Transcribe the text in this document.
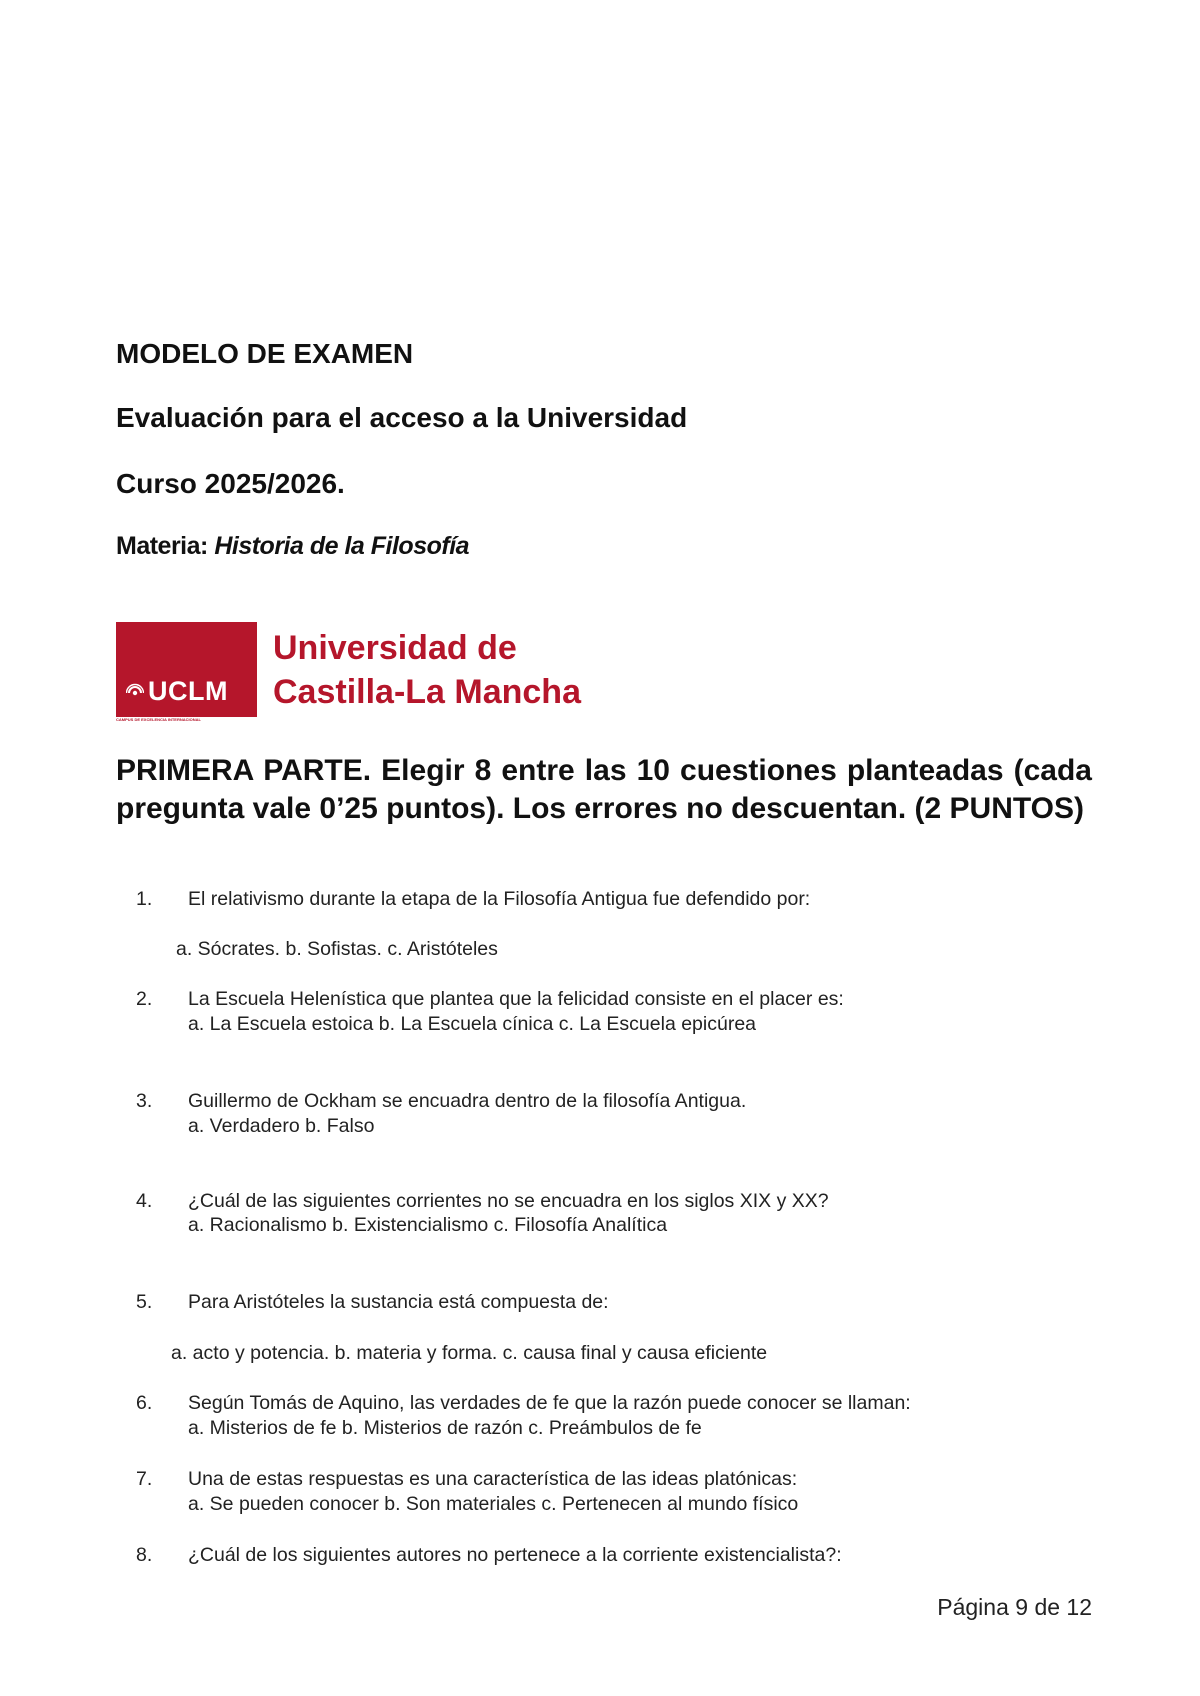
MODELO DE EXAMEN

Evaluación para el acceso a la Universidad

Curso 2025/2026.

Materia: Historia de la Filosofía

UCLM
CAMPUS DE EXCELENCIA INTERNACIONAL
Universidad de
Castilla-La Mancha

PRIMERA PARTE. Elegir 8 entre las 10 cuestiones planteadas (cada pregunta vale 0’25 puntos). Los errores no descuentan. (2 PUNTOS)

1. El relativismo durante la etapa de la Filosofía Antigua fue defendido por:
a. Sócrates. b. Sofistas. c. Aristóteles
2. La Escuela Helenística que plantea que la felicidad consiste en el placer es:
a. La Escuela estoica b. La Escuela cínica c. La Escuela epicúrea
3. Guillermo de Ockham se encuadra dentro de la filosofía Antigua.
a. Verdadero b. Falso
4. ¿Cuál de las siguientes corrientes no se encuadra en los siglos XIX y XX?
a. Racionalismo b. Existencialismo c. Filosofía Analítica
5. Para Aristóteles la sustancia está compuesta de:
a. acto y potencia. b. materia y forma. c. causa final y causa eficiente
6. Según Tomás de Aquino, las verdades de fe que la razón puede conocer se llaman:
a. Misterios de fe b. Misterios de razón c. Preámbulos de fe
7. Una de estas respuestas es una característica de las ideas platónicas:
a. Se pueden conocer b. Son materiales c. Pertenecen al mundo físico
8. ¿Cuál de los siguientes autores no pertenece a la corriente existencialista?:
Página 9 de 12
